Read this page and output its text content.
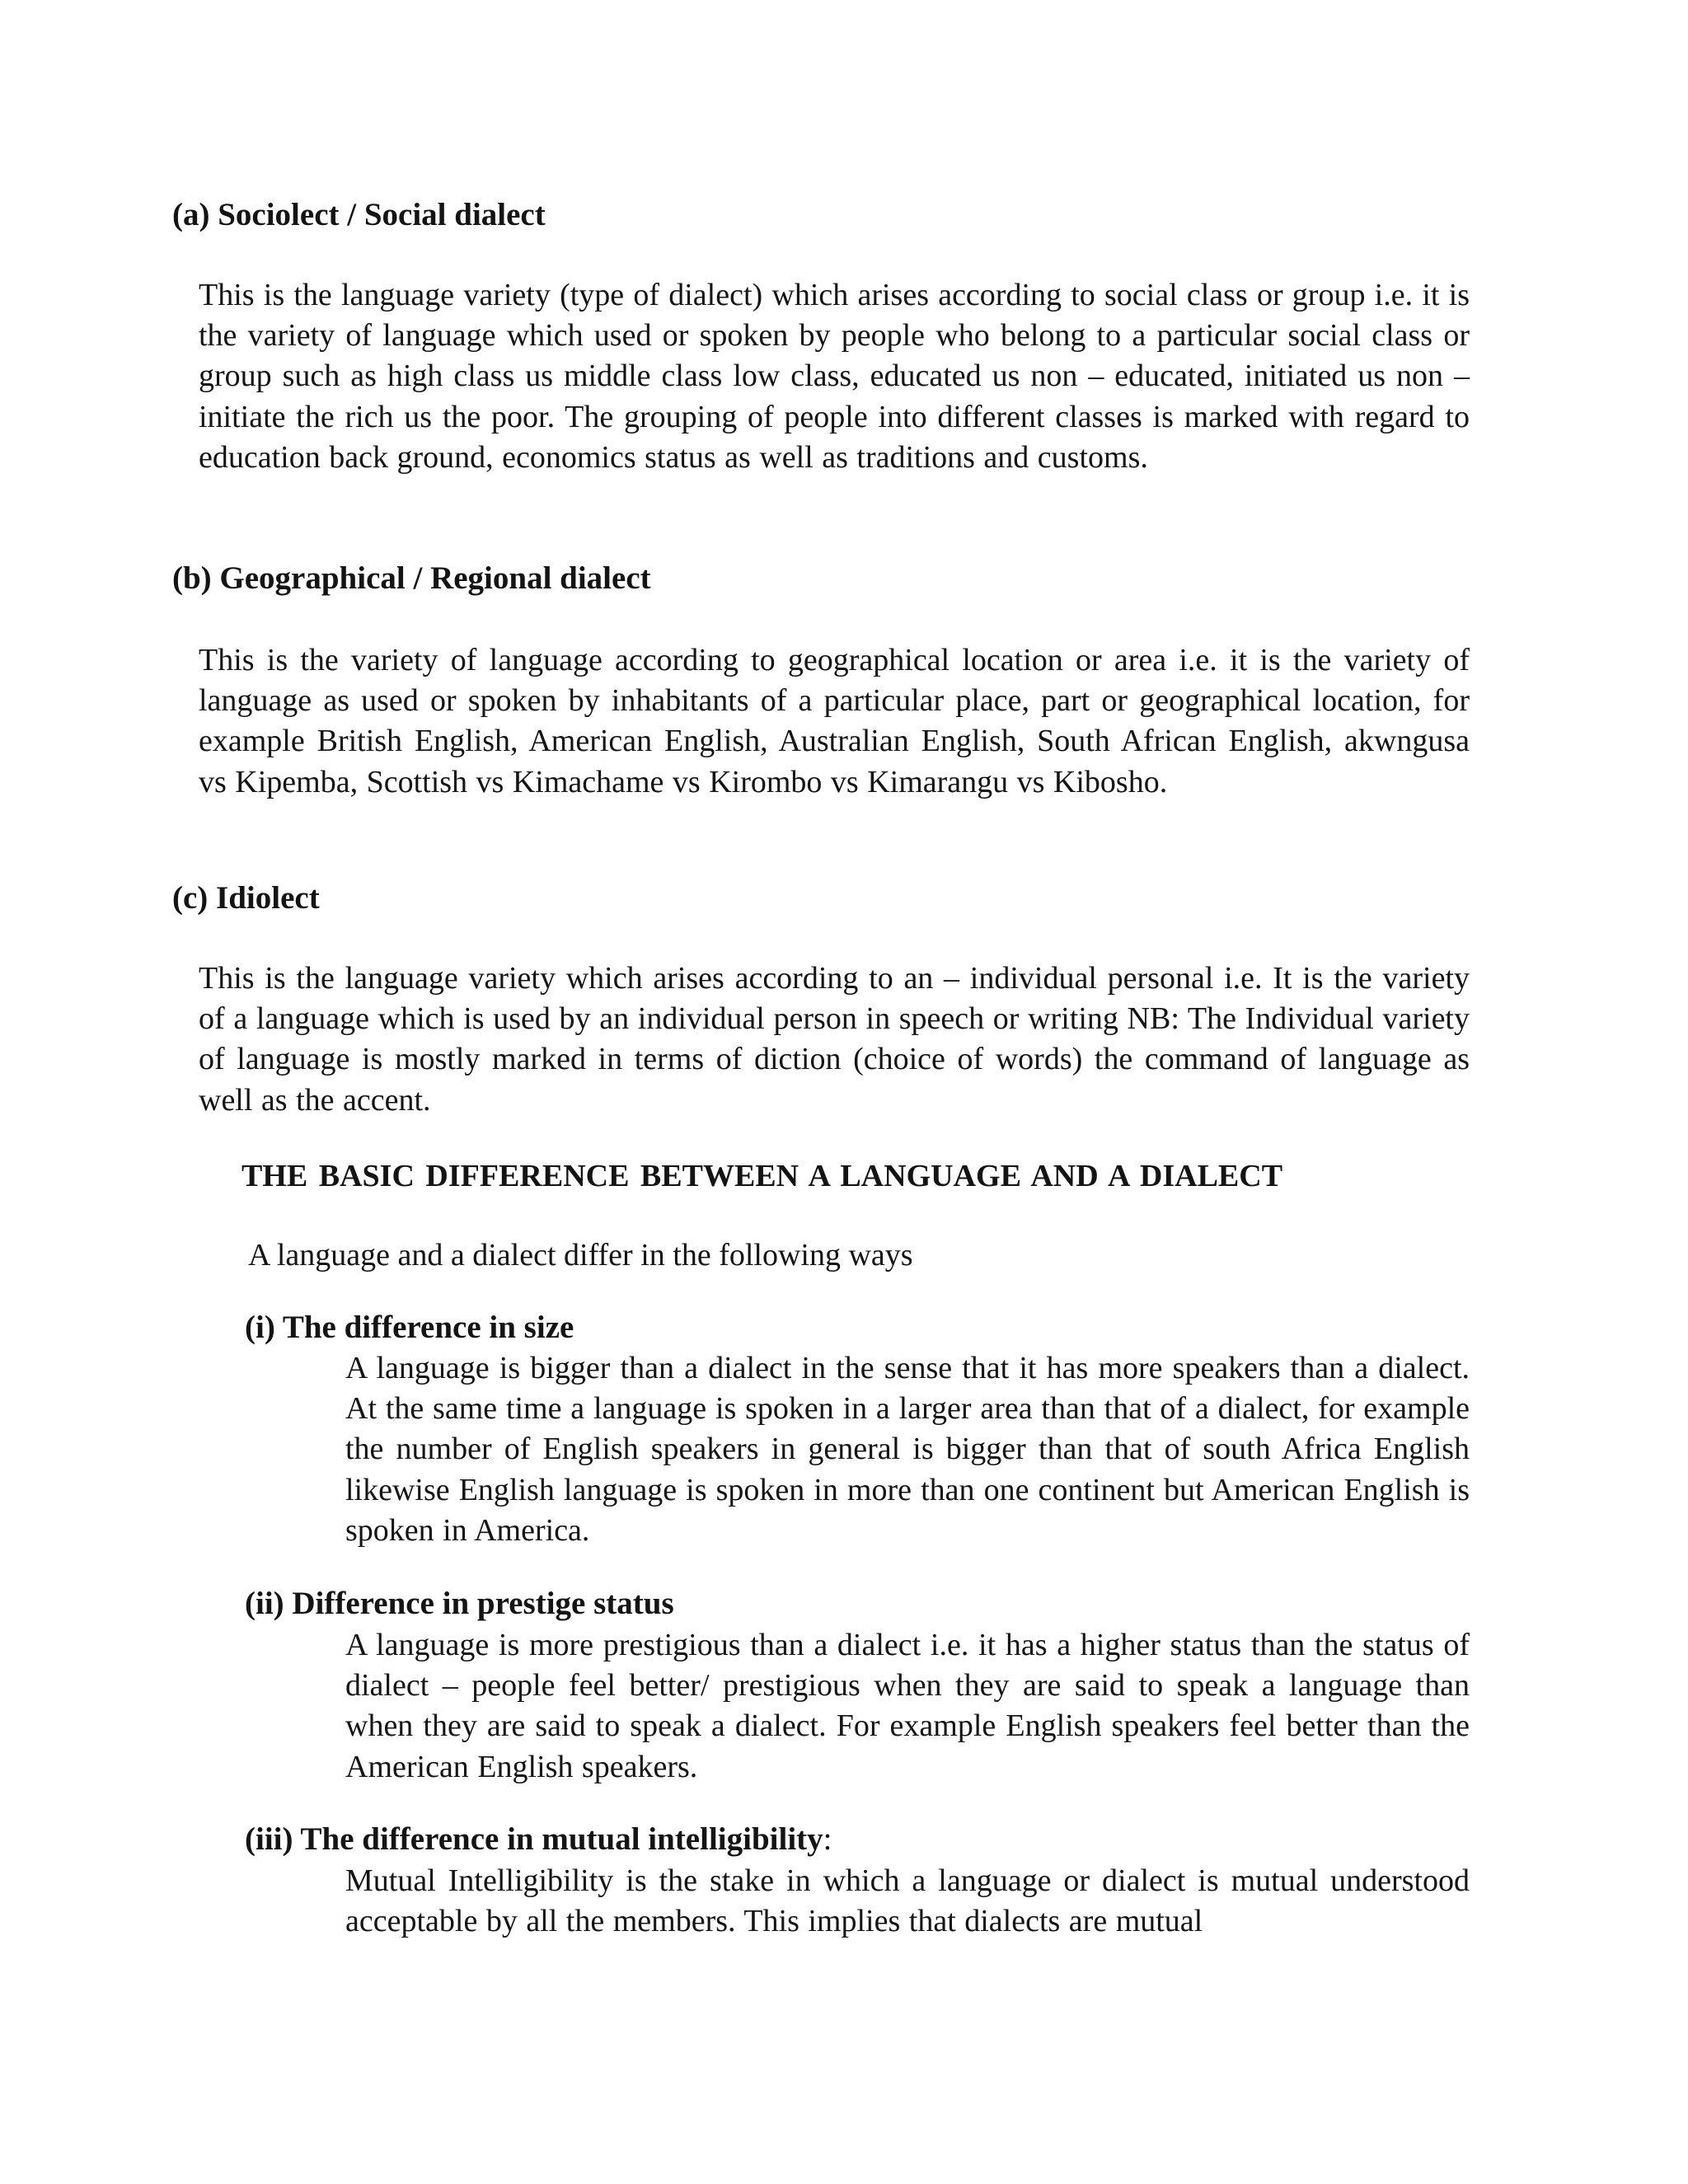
(a) Sociolect / Social dialect

This is the language variety (type of dialect) which arises according to social class or group i.e. it is the variety of language which used or spoken by people who belong to a particular social class or group such as high class us middle class low class, educated us non – educated, initiated us non – initiate the rich us the poor. The grouping of people into different classes is marked with regard to education back ground, economics status as well as traditions and customs.

(b) Geographical / Regional dialect

This is the variety of language according to geographical location or area i.e. it is the variety of language as used or spoken by inhabitants of a particular place, part or geographical location, for example British English, American English, Australian English, South African English, akwngusa vs Kipemba, Scottish vs Kimachame vs Kirombo vs Kimarangu vs Kibosho.

(c) Idiolect

This is the language variety which arises according to an – individual personal i.e. It is the variety of a language which is used by an individual person in speech or writing NB: The Individual variety of language is mostly marked in terms of diction (choice of words) the command of language as well as the accent.

THE BASIC DIFFERENCE BETWEEN A LANGUAGE AND A DIALECT

A language and a dialect differ in the following ways

(i) The difference in size

A language is bigger than a dialect in the sense that it has more speakers than a dialect. At the same time a language is spoken in a larger area than that of a dialect, for example the number of English speakers in general is bigger than that of south Africa English likewise English language is spoken in more than one continent but American English is spoken in America.

(ii) Difference in prestige status

A language is more prestigious than a dialect i.e. it has a higher status than the status of dialect – people feel better/ prestigious when they are said to speak a language than when they are said to speak a dialect. For example English speakers feel better than the American English speakers.

(iii) The difference in mutual intelligibility:

Mutual Intelligibility is the stake in which a language or dialect is mutual understood acceptable by all the members. This implies that dialects are mutual
